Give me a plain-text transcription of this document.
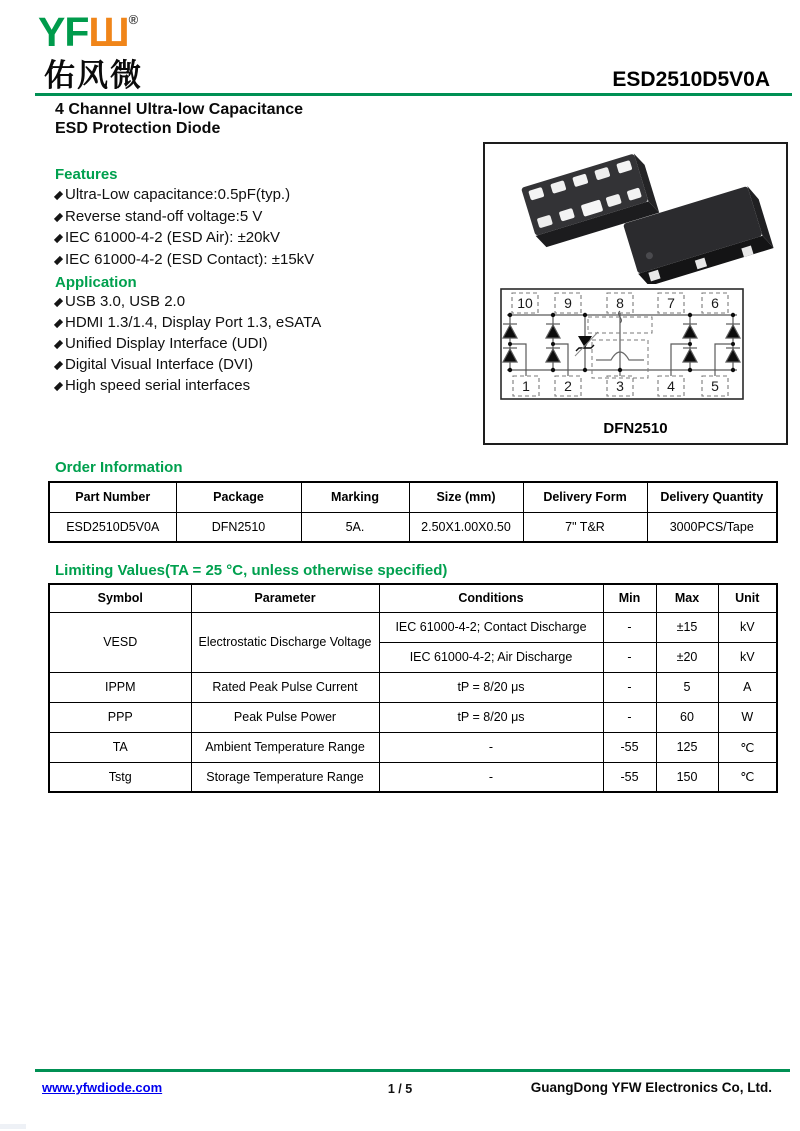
YFШ®
佑风微	ESD2510D5V0A
4 Channel Ultra-low Capacitance
ESD Protection Diode
Features
Ultra-Low capacitance:0.5pF(typ.)
Reverse stand-off voltage:5 V
IEC 61000-4-2 (ESD Air): ±20kV
IEC 61000-4-2 (ESD Contact): ±15kV
Application
USB 3.0, USB 2.0
HDMI 1.3/1.4, Display Port 1.3, eSATA
Unified Display Interface (UDI)
Digital Visual Interface (DVI)
High speed serial interfaces
10 9	8	7	6
1 2	3	4	5
DFN2510
Order Information
Part Number	Package	Marking	Size (mm)	Delivery Form	Delivery Quantity
ESD2510D5V0A	DFN2510	5A.	2.50X1.00X0.50	7" T&R	3000PCS/Tape
Limiting Values(TA = 25 °C, unless otherwise specified)
Symbol	Parameter	Conditions	Min	Max	Unit
VESD	Electrostatic Discharge Voltage	IEC 61000-4-2; Contact Discharge	-	±15	kV
		IEC 61000-4-2; Air Discharge	-	±20	kV
IPPM	Rated Peak Pulse Current	tP = 8/20 μs	-	5	A
PPP	Peak Pulse Power	tP = 8/20 μs	-	60	W
TA	Ambient Temperature Range	-	-55	125	℃
Tstg	Storage Temperature Range	-	-55	150	℃
www.yfwdiode.com	1 / 5	GuangDong YFW Electronics Co, Ltd.
